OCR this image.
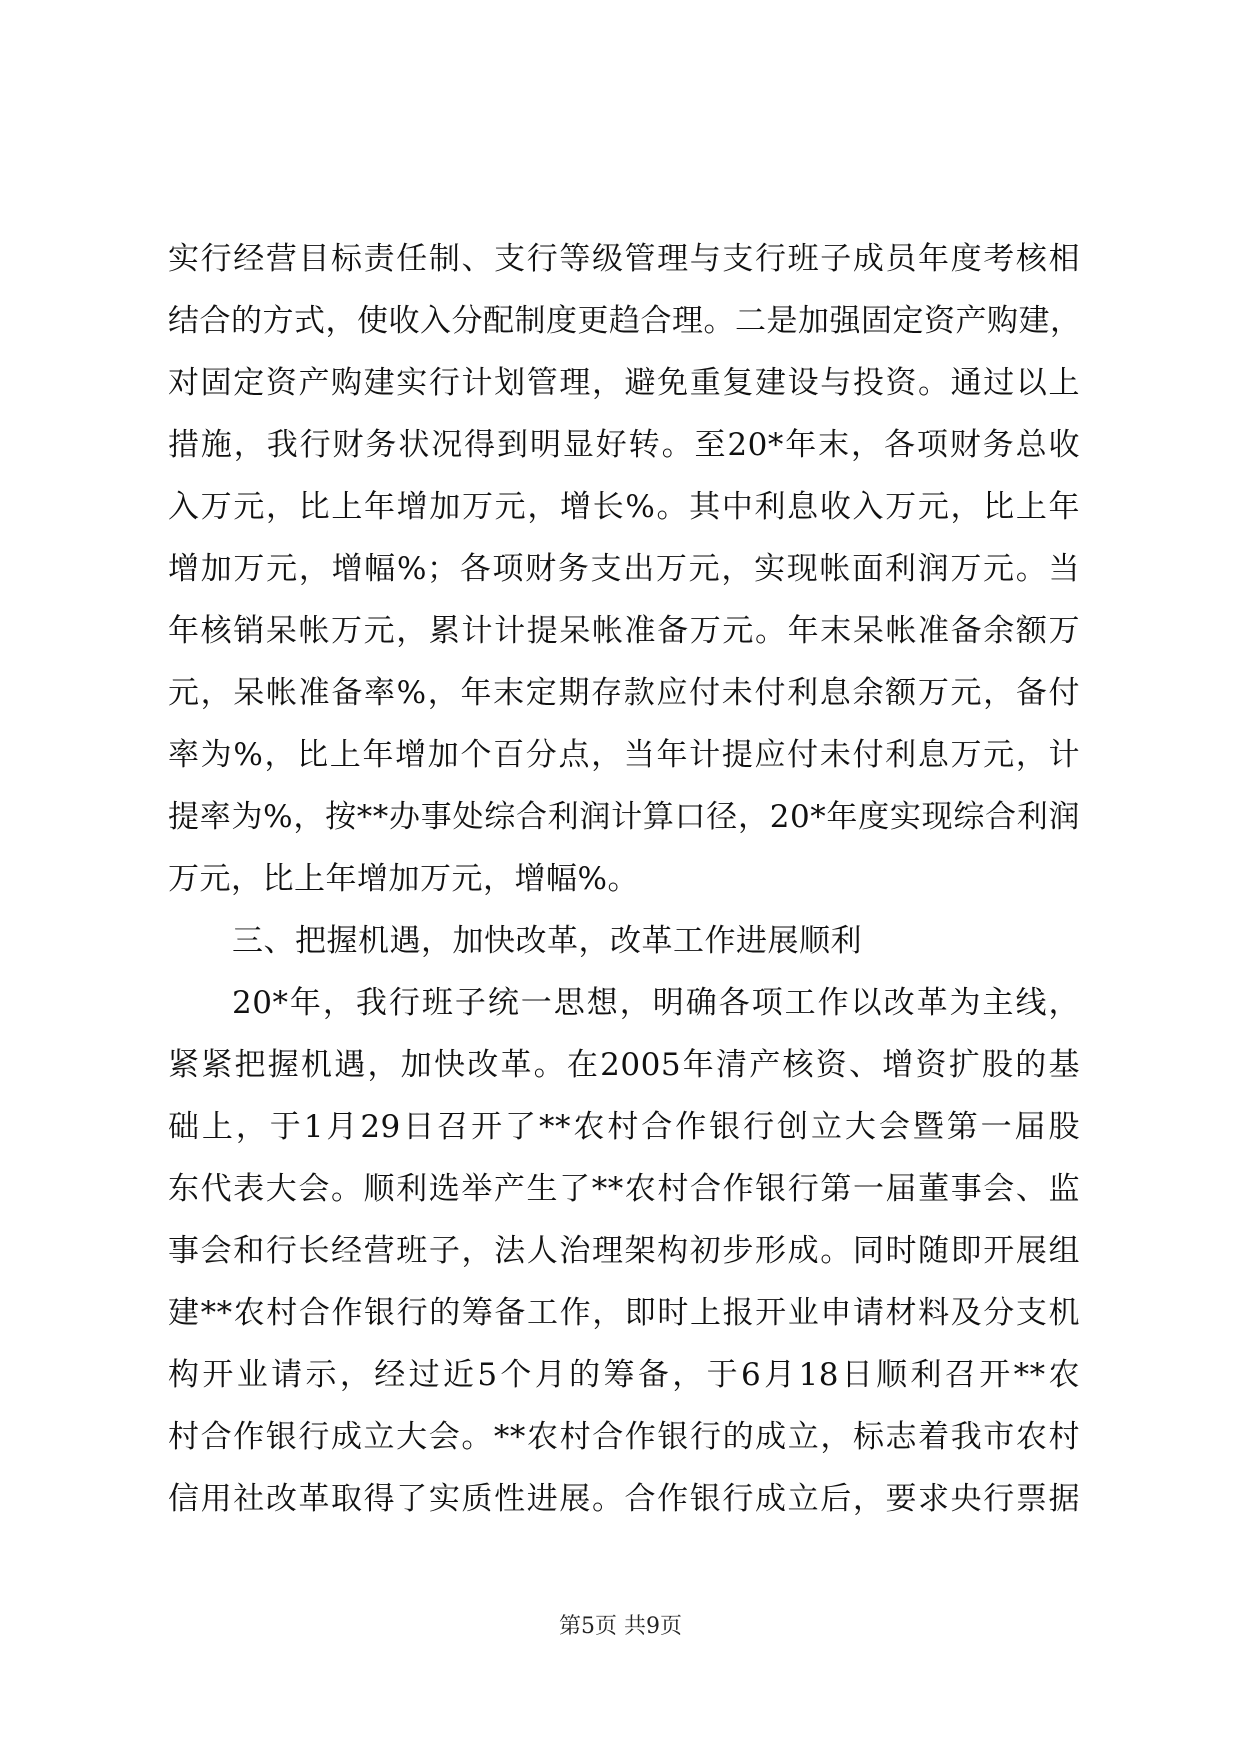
实行经营目标责任制、支行等级管理与支行班子成员年度考核相
结合的方式，使收入分配制度更趋合理。二是加强固定资产购建，
对固定资产购建实行计划管理，避免重复建设与投资。通过以上
措施，我行财务状况得到明显好转。至20*年末，各项财务总收
入万元，比上年增加万元，增长%。其中利息收入万元，比上年
增加万元，增幅%；各项财务支出万元，实现帐面利润万元。当
年核销呆帐万元，累计计提呆帐准备万元。年末呆帐准备余额万
元，呆帐准备率%，年末定期存款应付未付利息余额万元，备付
率为%，比上年增加个百分点，当年计提应付未付利息万元，计
提率为%，按**办事处综合利润计算口径，20*年度实现综合利润
万元，比上年增加万元，增幅%。
三、把握机遇，加快改革，改革工作进展顺利
20*年，我行班子统一思想，明确各项工作以改革为主线，
紧紧把握机遇，加快改革。在2005年清产核资、增资扩股的基
础上，于1月29日召开了**农村合作银行创立大会暨第一届股
东代表大会。顺利选举产生了**农村合作银行第一届董事会、监
事会和行长经营班子，法人治理架构初步形成。同时随即开展组
建**农村合作银行的筹备工作，即时上报开业申请材料及分支机
构开业请示，经过近5个月的筹备，于6月18日顺利召开**农
村合作银行成立大会。**农村合作银行的成立，标志着我市农村
信用社改革取得了实质性进展。合作银行成立后，要求央行票据
第5页 共9页
